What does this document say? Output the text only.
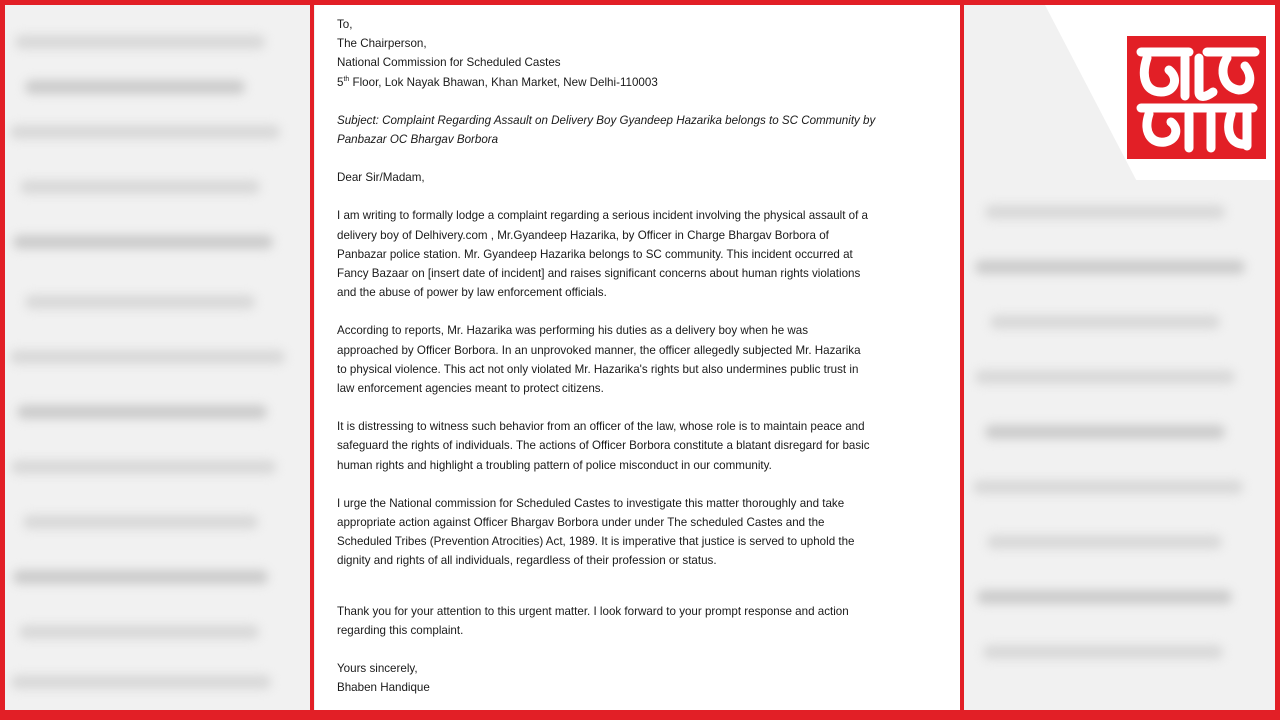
To,
The Chairperson,
National Commission for Scheduled Castes
5th Floor, Lok Nayak Bhawan, Khan Market, New Delhi-110003
Subject: Complaint Regarding Assault on Delivery Boy Gyandeep Hazarika belongs to SC Community by
Panbazar OC Bhargav Borbora
Dear Sir/Madam,
I am writing to formally lodge a complaint regarding a serious incident involving the physical assault of a
delivery boy of Delhivery.com , Mr.Gyandeep Hazarika, by Officer in Charge Bhargav Borbora of
Panbazar police station. Mr. Gyandeep Hazarika belongs to SC community. This incident occurred at
Fancy Bazaar on [insert date of incident] and raises significant concerns about human rights violations
and the abuse of power by law enforcement officials.
According to reports, Mr. Hazarika was performing his duties as a delivery boy when he was
approached by Officer Borbora. In an unprovoked manner, the officer allegedly subjected Mr. Hazarika
to physical violence. This act not only violated Mr. Hazarika's rights but also undermines public trust in
law enforcement agencies meant to protect citizens.
It is distressing to witness such behavior from an officer of the law, whose role is to maintain peace and
safeguard the rights of individuals. The actions of Officer Borbora constitute a blatant disregard for basic
human rights and highlight a troubling pattern of police misconduct in our community.
I urge the National commission for Scheduled Castes to investigate this matter thoroughly and take
appropriate action against Officer Bhargav Borbora under under The scheduled Castes and the
Scheduled Tribes (Prevention Atrocities) Act, 1989. It is imperative that justice is served to uphold the
dignity and rights of all individuals, regardless of their profession or status.
Thank you for your attention to this urgent matter. I look forward to your prompt response and action
regarding this complaint.
Yours sincerely,
Bhaben Handique
